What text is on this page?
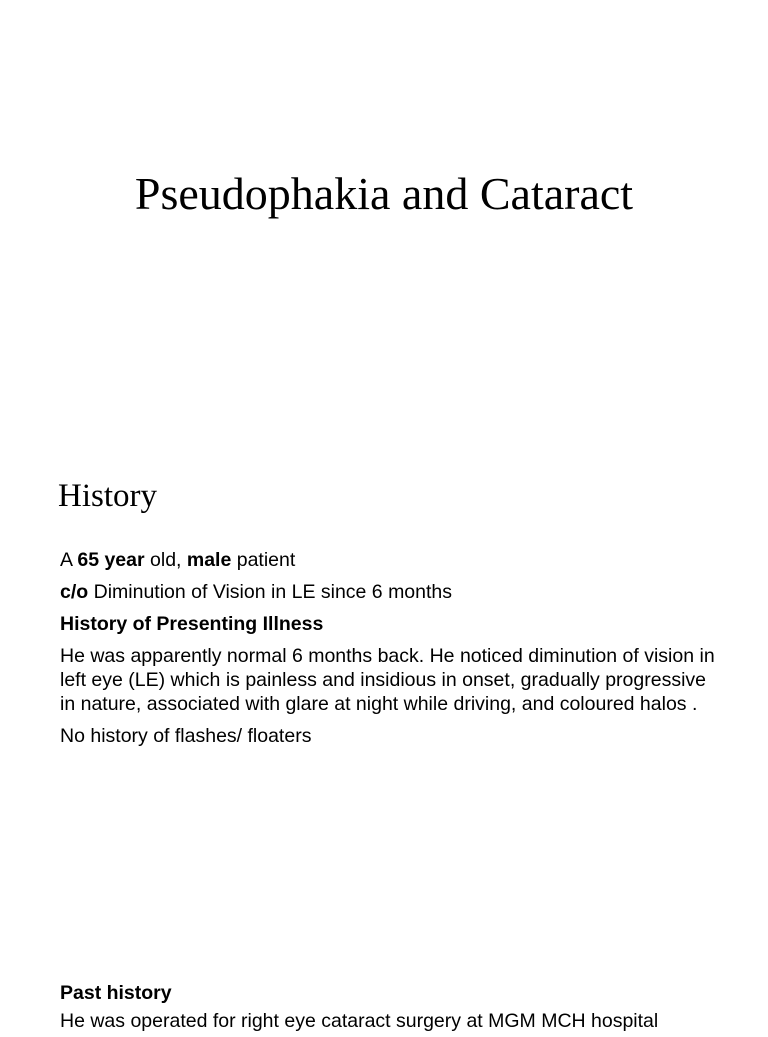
Pseudophakia and Cataract
History

A 65 year old, male patient

c/o Diminution of Vision in LE since 6 months

History of Presenting Illness

He was apparently normal 6 months back. He noticed diminution of vision in left eye (LE) which is painless and insidious in onset, gradually progressive in nature, associated with glare at night while driving, and coloured halos .

No history of flashes/ floaters

Past history

He was operated for right eye cataract surgery at MGM MCH hospital
